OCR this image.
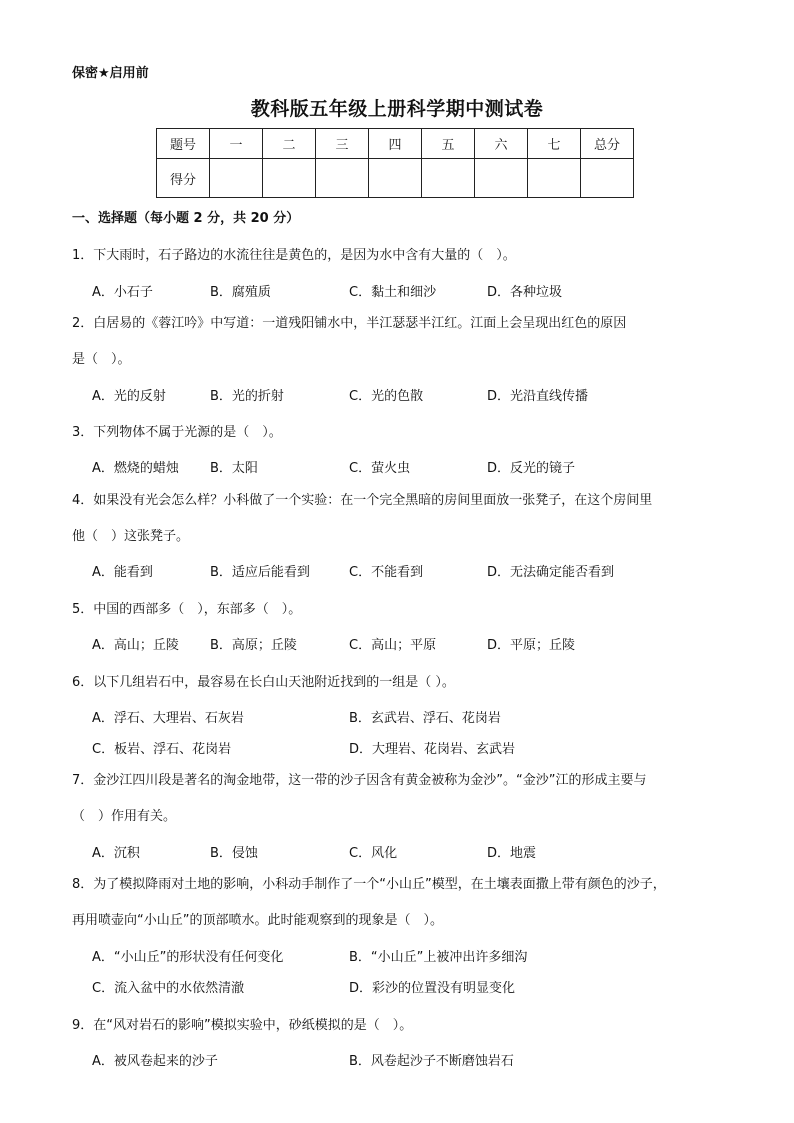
保密★启用前
教科版五年级上册科学期中测试卷
题号	一	二	三	四	五	六	七	总分
得分								
一、选择题（每小题 2 分，共 20 分）
1．下大雨时，石子路边的水流往往是黄色的，是因为水中含有大量的（　）。
A．小石子	B．腐殖质	C．黏土和细沙	D．各种垃圾
2．白居易的《蓉江吟》中写道：一道残阳铺水中，半江瑟瑟半江红。江面上会呈现出红色的原因
是（　）。
A．光的反射	B．光的折射	C．光的色散	D．光沿直线传播
3．下列物体不属于光源的是（　）。
A．燃烧的蜡烛 B．太阳	C．萤火虫	D．反光的镜子
4．如果没有光会怎么样？小科做了一个实验：在一个完全黑暗的房间里面放一张凳子，在这个房间里
他（　）这张凳子。
A．能看到	B．适应后能看到	C．不能看到	D．无法确定能否看到
5．中国的西部多（　），东部多（　）。
A．高山；丘陵 B．高原；丘陵	C．高山；平原	D．平原；丘陵
6．以下几组岩石中，最容易在长白山天池附近找到的一组是（ ）。
A．浮石、大理岩、石灰岩	B．玄武岩、浮石、花岗岩
C．板岩、浮石、花岗岩	D．大理岩、花岗岩、玄武岩
7．金沙江四川段是著名的淘金地带，这一带的沙子因含有黄金被称为金沙”。“金沙”江的形成主要与
（　）作用有关。
A．沉积	B．侵蚀	C．风化	D．地震
8．为了模拟降雨对土地的影响，小科动手制作了一个“小山丘”模型，在土壤表面撒上带有颜色的沙子，
再用喷壶向“小山丘”的顶部喷水。此时能观察到的现象是（　）。
A．“小山丘”的形状没有任何变化	B．“小山丘”上被冲出许多细沟
C．流入盆中的水依然清澈	D．彩沙的位置没有明显变化
9．在“风对岩石的影响”模拟实验中，砂纸模拟的是（　）。
A．被风卷起来的沙子	B．风卷起沙子不断磨蚀岩石
